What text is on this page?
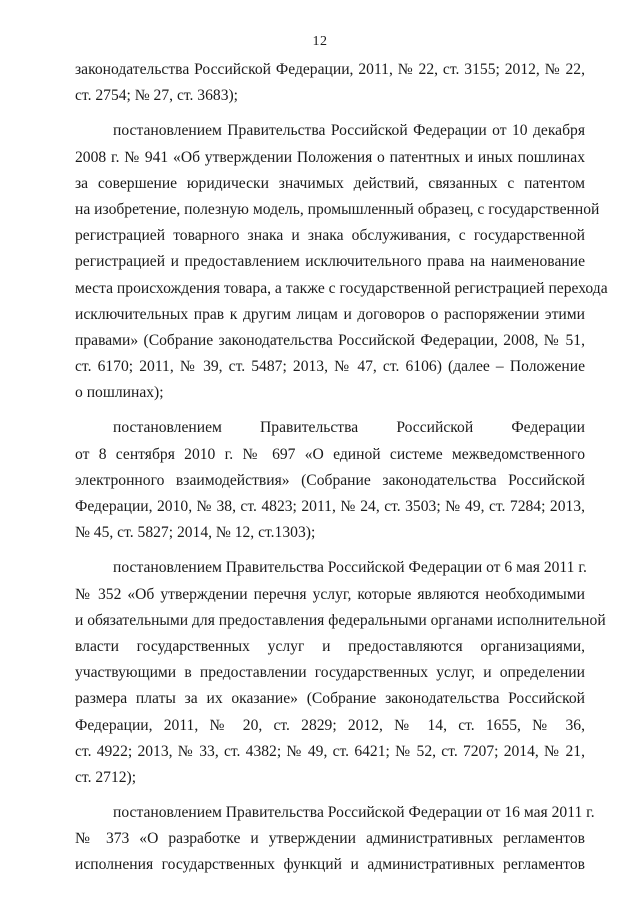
12
законодательства Российской Федерации, 2011, № 22, ст. 3155; 2012, № 22,
ст. 2754; № 27, ст. 3683);
постановлением Правительства Российской Федерации от 10 декабря
2008 г. № 941 «Об утверждении Положения о патентных и иных пошлинах
за совершение юридически значимых действий, связанных с патентом
на изобретение, полезную модель, промышленный образец, с государственной
регистрацией товарного знака и знака обслуживания, с государственной
регистрацией и предоставлением исключительного права на наименование
места происхождения товара, а также с государственной регистрацией перехода
исключительных прав к другим лицам и договоров о распоряжении этими
правами» (Собрание законодательства Российской Федерации, 2008, № 51,
ст. 6170; 2011, № 39, ст. 5487; 2013, № 47, ст. 6106) (далее – Положение
о пошлинах);
постановлением Правительства Российской Федерации
от 8 сентября 2010 г. № 697 «О единой системе межведомственного
электронного взаимодействия» (Собрание законодательства Российской
Федерации, 2010, № 38, ст. 4823; 2011, № 24, ст. 3503; № 49, ст. 7284; 2013,
№ 45, ст. 5827; 2014, № 12, ст.1303);
постановлением Правительства Российской Федерации от 6 мая 2011 г.
№ 352 «Об утверждении перечня услуг, которые являются необходимыми
и обязательными для предоставления федеральными органами исполнительной
власти государственных услуг и предоставляются организациями,
участвующими в предоставлении государственных услуг, и определении
размера платы за их оказание» (Собрание законодательства Российской
Федерации, 2011, № 20, ст. 2829; 2012, № 14, ст. 1655, № 36,
ст. 4922; 2013, № 33, ст. 4382; № 49, ст. 6421; № 52, ст. 7207; 2014, № 21,
ст. 2712);
постановлением Правительства Российской Федерации от 16 мая 2011 г.
№ 373 «О разработке и утверждении административных регламентов
исполнения государственных функций и административных регламентов
